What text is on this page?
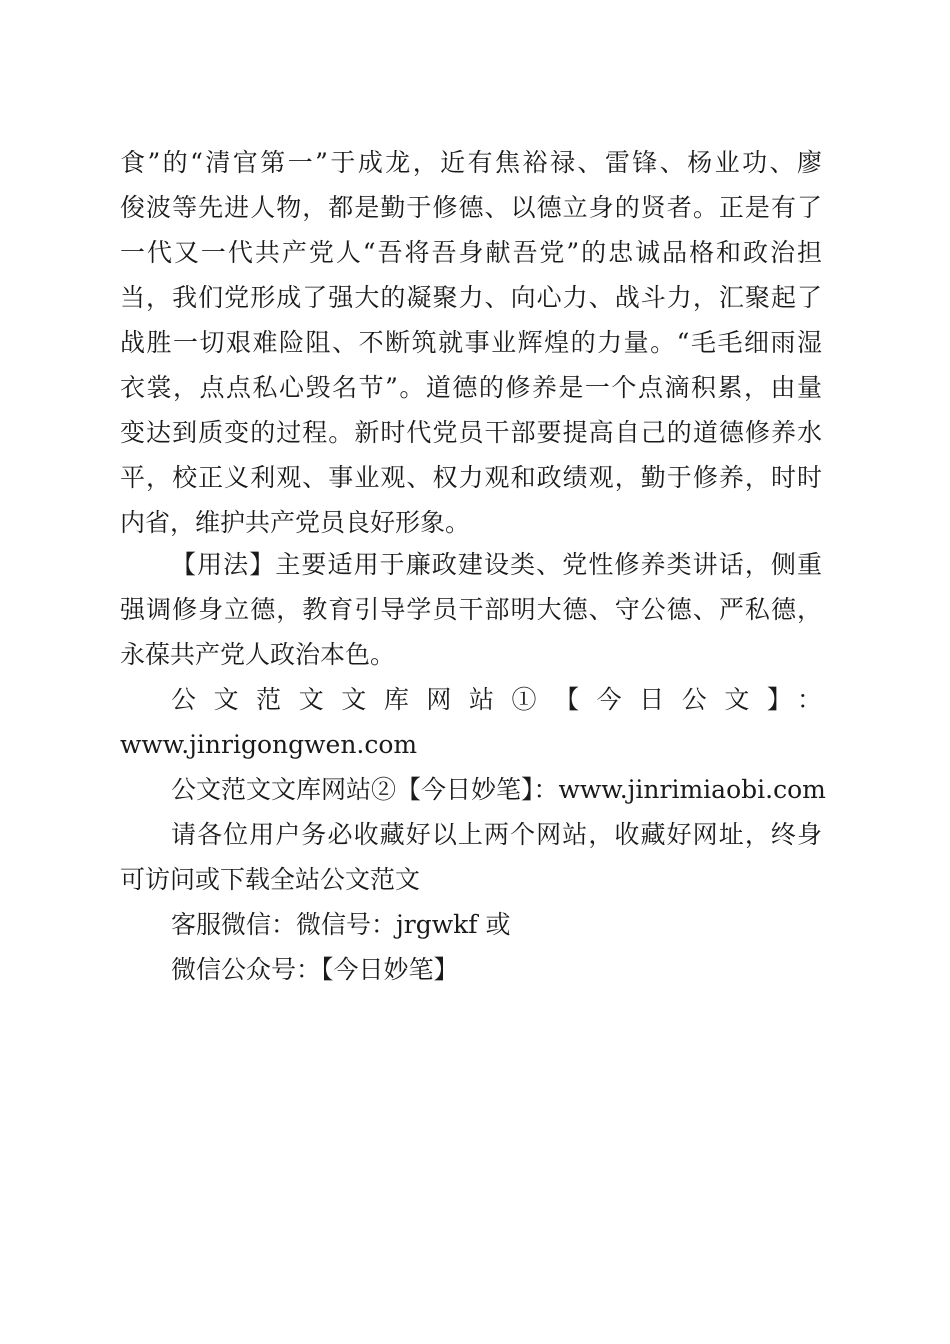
食”的“清官第一”于成龙，近有焦裕禄、雷锋、杨业功、廖
俊波等先进人物，都是勤于修德、以德立身的贤者。正是有了
一代又一代共产党人“吾将吾身献吾党”的忠诚品格和政治担
当，我们党形成了强大的凝聚力、向心力、战斗力，汇聚起了
战胜一切艰难险阻、不断筑就事业辉煌的力量。“毛毛细雨湿
衣裳，点点私心毁名节”。道德的修养是一个点滴积累，由量
变达到质变的过程。新时代党员干部要提高自己的道德修养水
平，校正义利观、事业观、权力观和政绩观，勤于修养，时时
内省，维护共产党员良好形象。
【用法】主要适用于廉政建设类、党性修养类讲话，侧重
强调修身立德，教育引导学员干部明大德、守公德、严私德，
永葆共产党人政治本色。
公文范文文库网站①【今日公文】：
www.jinrigongwen.com
公文范文文库网站②【今日妙笔】：www.jinrimiaobi.com
请各位用户务必收藏好以上两个网站，收藏好网址，终身
可访问或下载全站公文范文
客服微信：微信号：jrgwkf 或
微信公众号：【今日妙笔】
